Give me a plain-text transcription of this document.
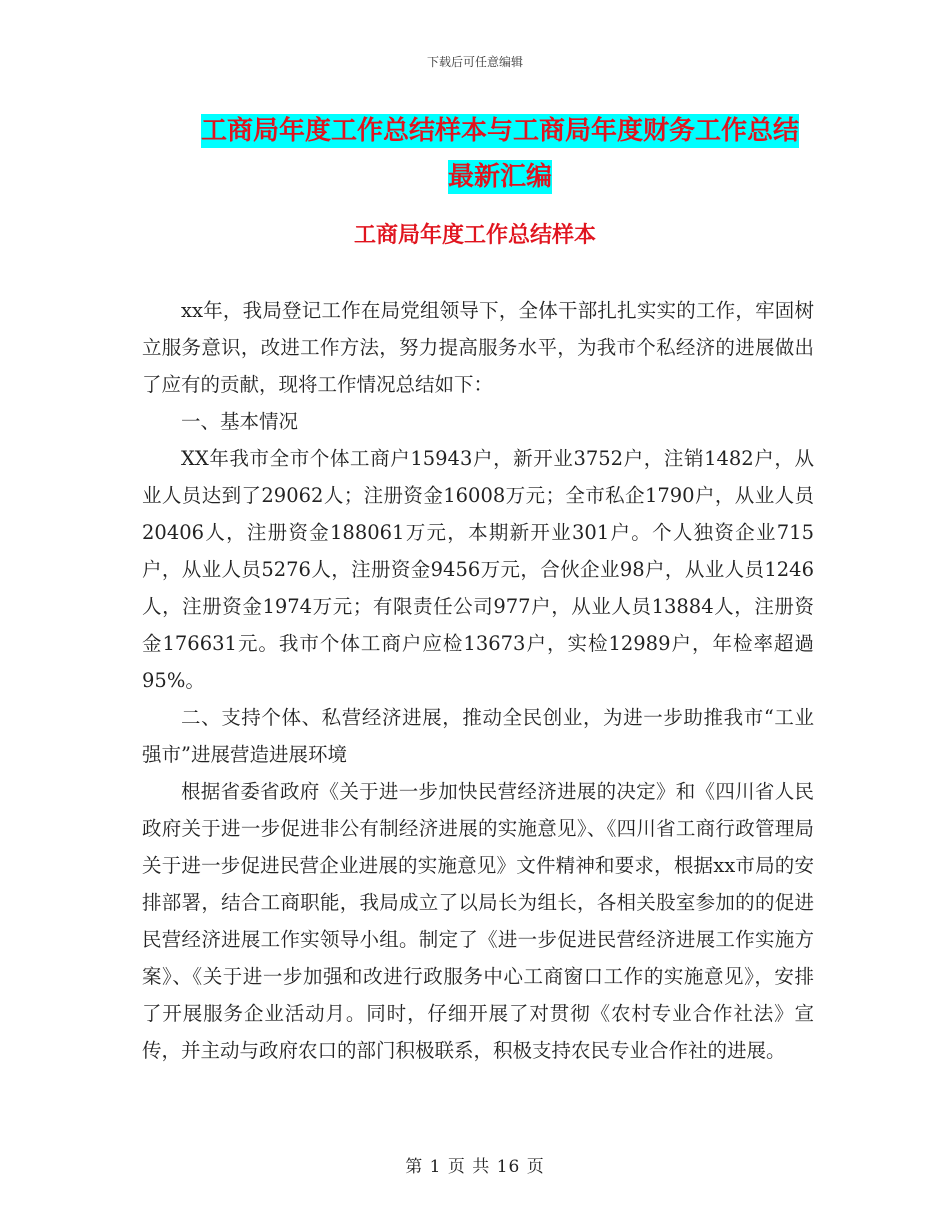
下载后可任意编辑
工商局年度工作总结样本与工商局年度财务工作总结
最新汇编
工商局年度工作总结样本

xx年，我局登记工作在局党组领导下，全体干部扎扎实实的工作，牢固树立服务意识，改进工作方法，努力提高服务水平，为我市个私经济的进展做出了应有的贡献，现将工作情况总结如下：

一、基本情况

XX年我市全市个体工商户15943户，新开业3752户，注销1482户，从业人员达到了29062人；注册资金16008万元；全市私企1790户，从业人员20406人，注册资金188061万元，本期新开业301户。个人独资企业715户，从业人员5276人，注册资金9456万元，合伙企业98户，从业人员1246人，注册资金1974万元；有限责任公司977户，从业人员13884人，注册资金176631元。我市个体工商户应检13673户，实检12989户，年检率超過95%。

二、支持个体、私营经济进展，推动全民创业，为进一步助推我市“工业强市”进展营造进展环境

根据省委省政府《关于进一步加快民营经济进展的决定》和《四川省人民政府关于进一步促进非公有制经济进展的实施意见》、《四川省工商行政管理局关于进一步促进民营企业进展的实施意见》文件精神和要求，根据xx市局的安排部署，结合工商职能，我局成立了以局长为组长，各相关股室参加的的促进民营经济进展工作实领导小组。制定了《进一步促进民营经济进展工作实施方案》、《关于进一步加强和改进行政服务中心工商窗口工作的实施意见》，安排了开展服务企业活动月。同时，仔细开展了对贯彻《农村专业合作社法》宣传，并主动与政府农口的部门积极联系，积极支持农民专业合作社的进展。

第 1 页 共 16 页
